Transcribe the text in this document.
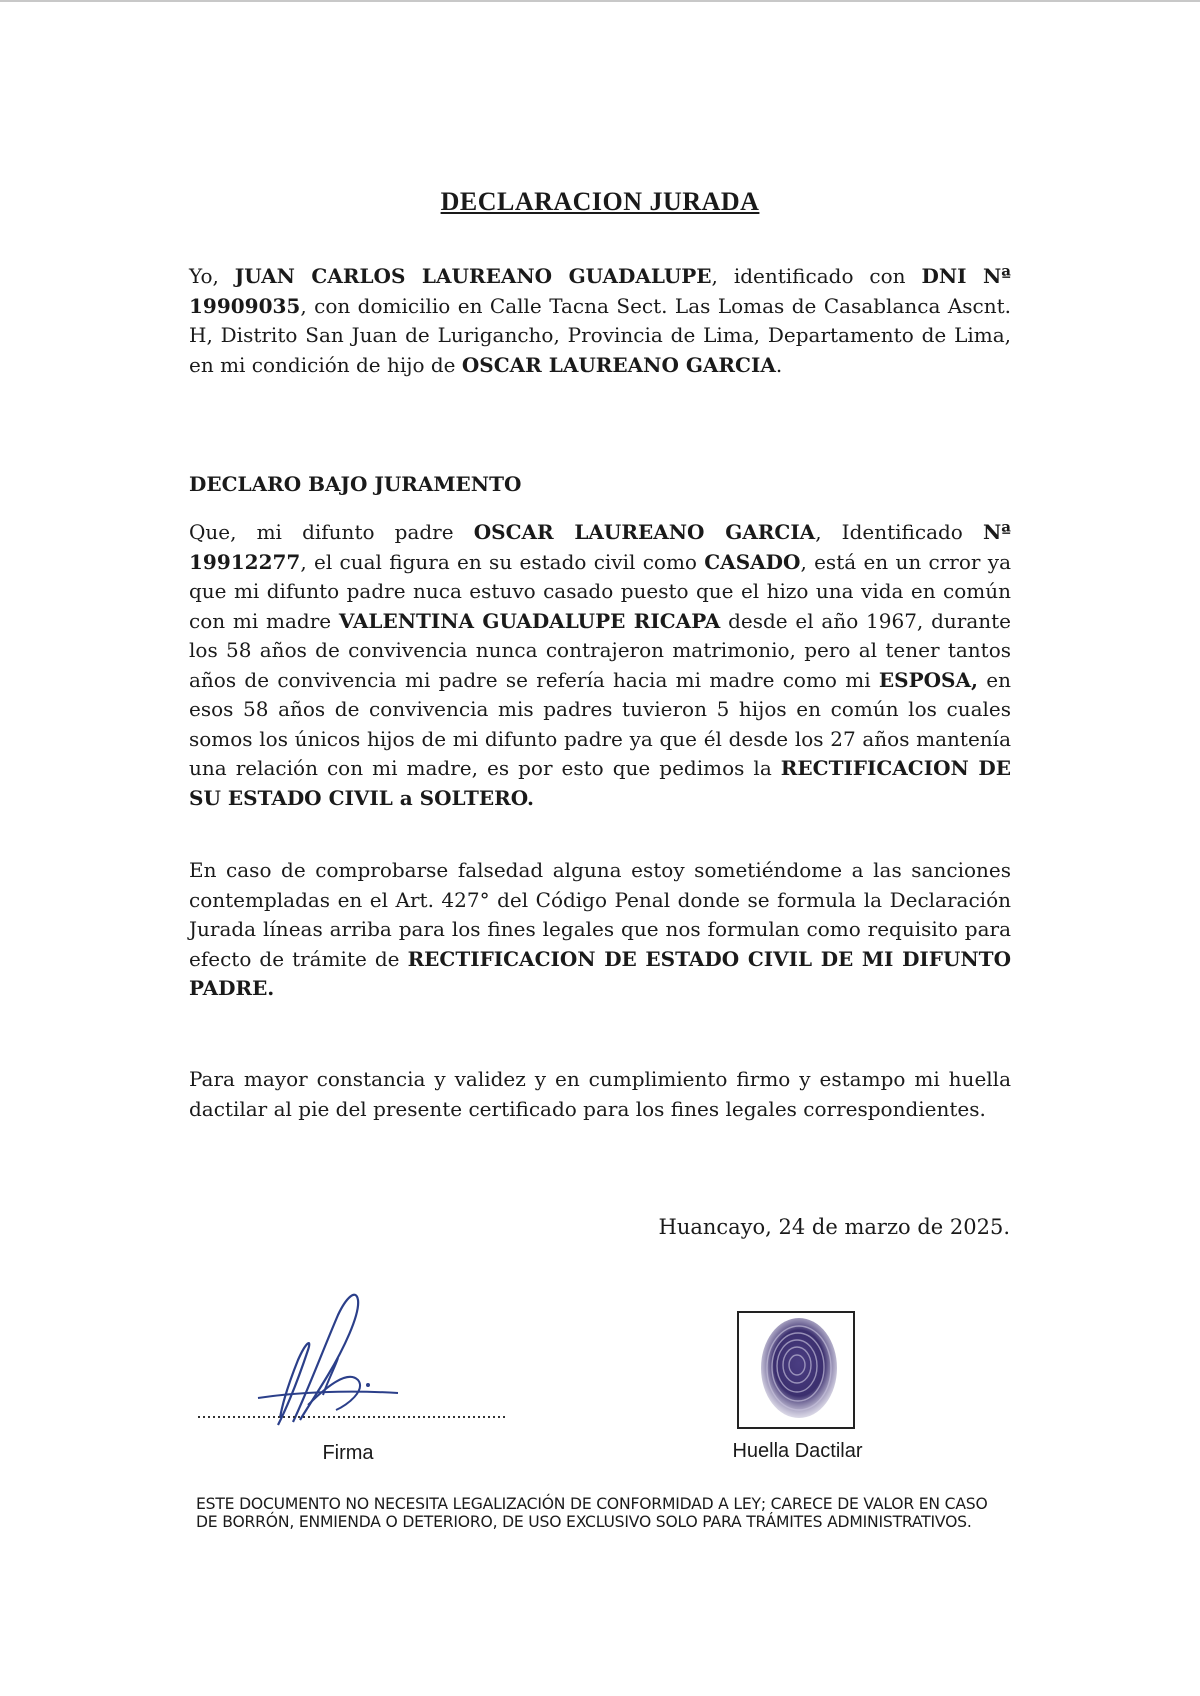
DECLARACION JURADA

Yo, JUAN CARLOS LAUREANO GUADALUPE, identificado con DNI Nª 19909035, con domicilio en Calle Tacna Sect. Las Lomas de Casablanca Ascnt. H, Distrito San Juan de Lurigancho, Provincia de Lima, Departamento de Lima, en mi condición de hijo de OSCAR LAUREANO GARCIA.

DECLARO BAJO JURAMENTO

Que, mi difunto padre OSCAR LAUREANO GARCIA, Identificado Nª 19912277, el cual figura en su estado civil como CASADO, está en un crror ya que mi difunto padre nuca estuvo casado puesto que el hizo una vida en común con mi madre VALENTINA GUADALUPE RICAPA desde el año 1967, durante los 58 años de convivencia nunca contrajeron matrimonio, pero al tener tantos años de convivencia mi padre se refería hacia mi madre como mi ESPOSA, en esos 58 años de convivencia mis padres tuvieron 5 hijos en común los cuales somos los únicos hijos de mi difunto padre ya que él desde los 27 años mantenía una relación con mi madre, es por esto que pedimos la RECTIFICACION DE SU ESTADO CIVIL a SOLTERO.

En caso de comprobarse falsedad alguna estoy sometiéndome a las sanciones contempladas en el Art. 427° del Código Penal donde se formula la Declaración Jurada líneas arriba para los fines legales que nos formulan como requisito para efecto de trámite de RECTIFICACION DE ESTADO CIVIL DE MI DIFUNTO PADRE.

Para mayor constancia y validez y en cumplimiento firmo y estampo mi huella dactilar al pie del presente certificado para los fines legales correspondientes.

Huancayo, 24 de marzo de 2025.
Firma	Huella Dactilar

ESTE DOCUMENTO NO NECESITA LEGALIZACIÓN DE CONFORMIDAD A LEY; CARECE DE VALOR EN CASO DE BORRÓN, ENMIENDA O DETERIORO, DE USO EXCLUSIVO SOLO PARA TRÁMITES ADMINISTRATIVOS.
